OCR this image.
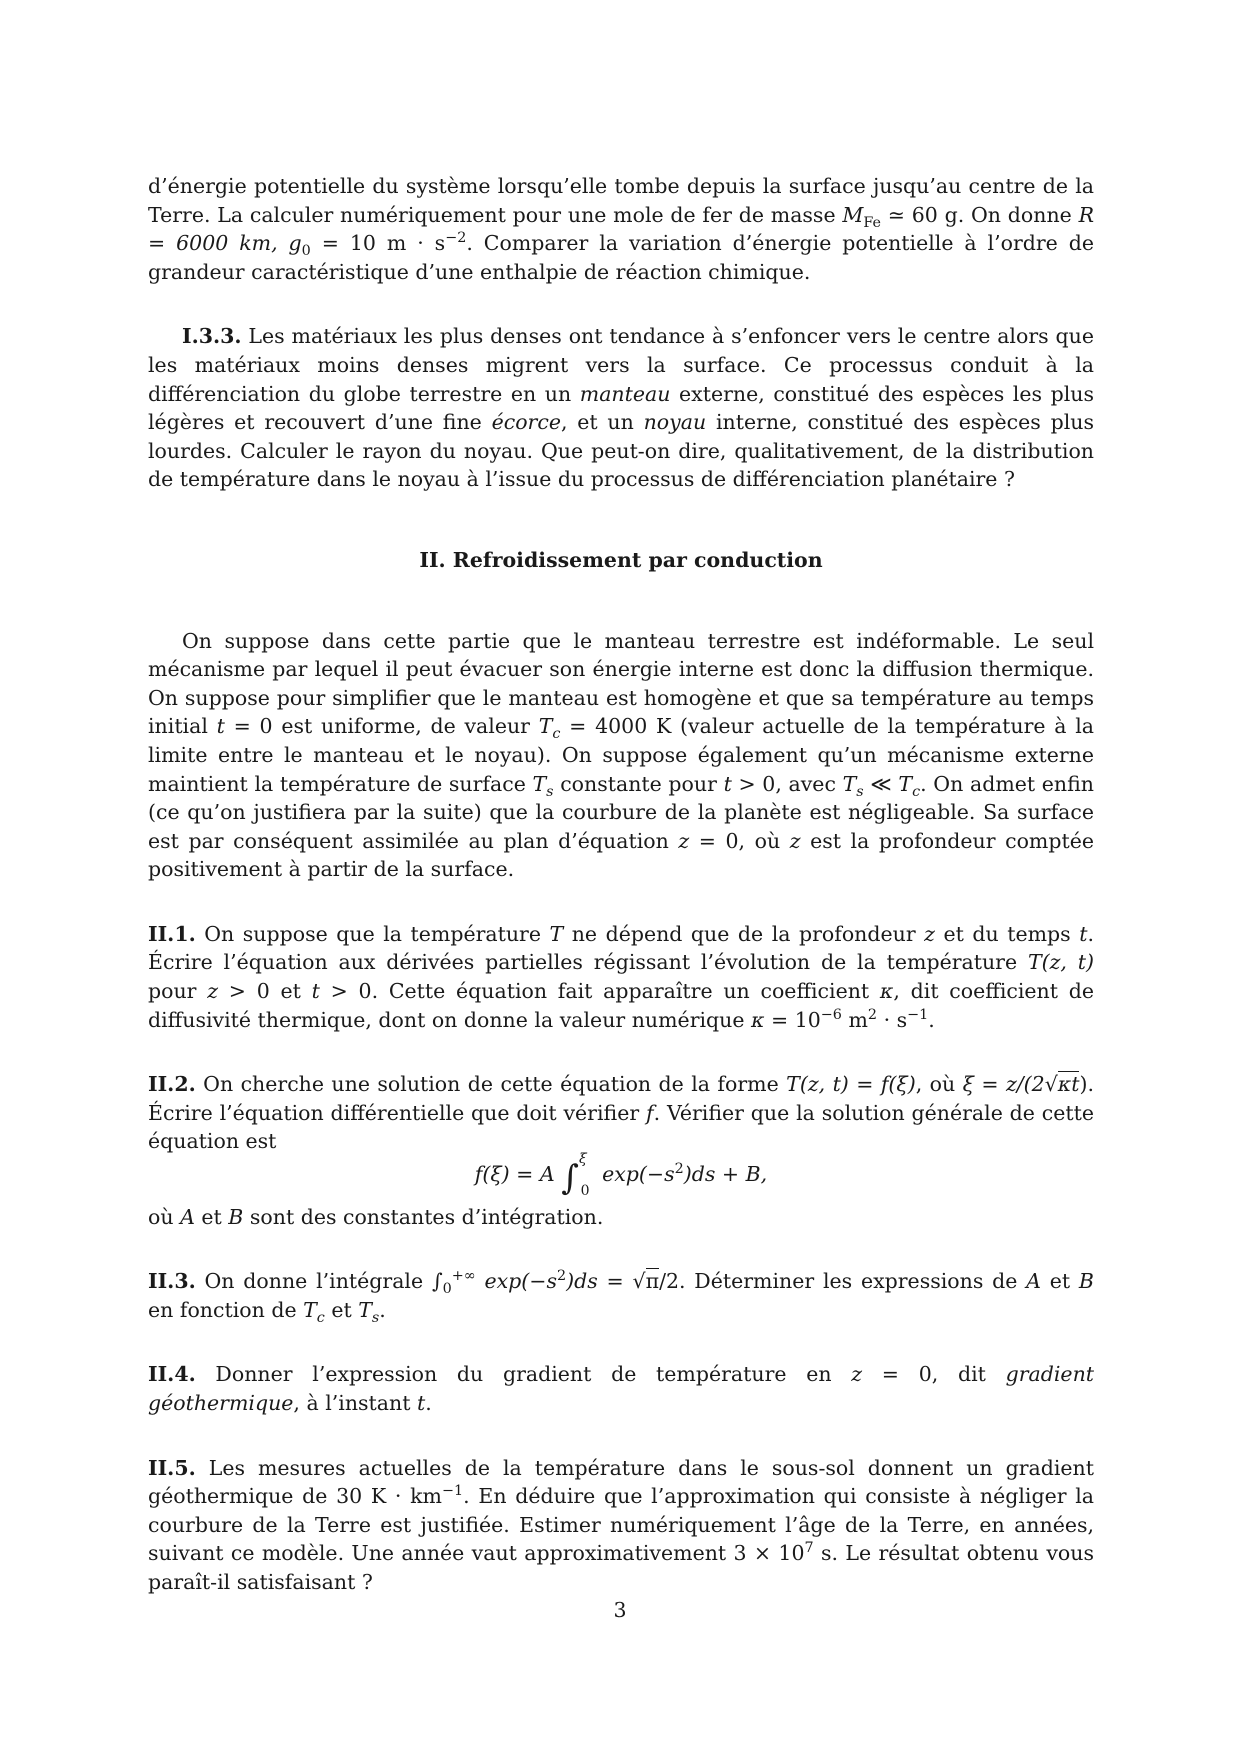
d’énergie potentielle du système lorsqu’elle tombe depuis la surface jusqu’au centre de la Terre. La calculer numériquement pour une mole de fer de masse $M_{Fe}$ ≃ 60 g. On donne R = 6000 km, $g_0 = 10$ $m \cdot s^{-2}$. Comparer la variation d’énergie potentielle à l’ordre de grandeur caractéristique d’une enthalpie de réaction chimique.

I.3.3. Les matériaux les plus denses ont tendance à s’enfoncer vers le centre alors que les matériaux moins denses migrent vers la surface. Ce processus conduit à la différenciation du globe terrestre en un manteau externe, constitué des espèces les plus légères et recouvert d’une fine écorce, et un noyau interne, constitué des espèces plus lourdes. Calculer le rayon du noyau. Que peut-on dire, qualitativement, de la distribution de température dans le noyau à l’issue du processus de différenciation planétaire ?

II. Refroidissement par conduction

On suppose dans cette partie que le manteau terrestre est indéformable. Le seul mécanisme par lequel il peut évacuer son énergie interne est donc la diffusion thermique. On suppose pour simplifier que le manteau est homogène et que sa température au temps initial t = 0 est uniforme, de valeur $T_c = 4000$ K (valeur actuelle de la température à la limite entre le manteau et le noyau). On suppose également qu’un mécanisme externe maintient la température de surface $T_s$ constante pour t > 0, avec $T_s$ ≪ $T_c$. On admet enfin (ce qu’on justifiera par la suite) que la courbure de la planète est négligeable. Sa surface est par conséquent assimilée au plan d’équation z = 0, où z est la profondeur comptée positivement à partir de la surface.

II.1. On suppose que la température T ne dépend que de la profondeur z et du temps t. Écrire l’équation aux dérivées partielles régissant l’évolution de la température T(z, t) pour z > 0 et t > 0. Cette équation fait apparaître un coefficient κ, dit coefficient de diffusivité thermique, dont on donne la valeur numérique $\kappa = 10^{-6}$ $m^2 \cdot s^{-1}$.

II.2. On cherche une solution de cette équation de la forme T(z, t) = f(ξ), où ξ = z/(2√κt). Écrire l’équation différentielle que doit vérifier f. Vérifier que la solution générale de cette équation est

f(ξ) = A ∫$^\xi_0$ $\exp(-s^2)ds + B$,

où A et B sont des constantes d’intégration.

II.3. On donne l’intégrale $\int_0^{+\infty}$ $\exp(-s^2)ds = √\pi/2$. Déterminer les expressions de A et B en fonction de $T_c$ et $T_s$.

II.4. Donner l’expression du gradient de température en z = 0, dit gradient géothermique, à l’instant t.

II.5. Les mesures actuelles de la température dans le sous-sol donnent un gradient géothermique de 30 $K \cdot km^{-1}$. En déduire que l’approximation qui consiste à négliger la courbure de la Terre est justifiée. Estimer numériquement l’âge de la Terre, en années, suivant ce modèle. Une année vaut approximativement $3 \times 10^7$ s. Le résultat obtenu vous paraît-il satisfaisant ?

3
